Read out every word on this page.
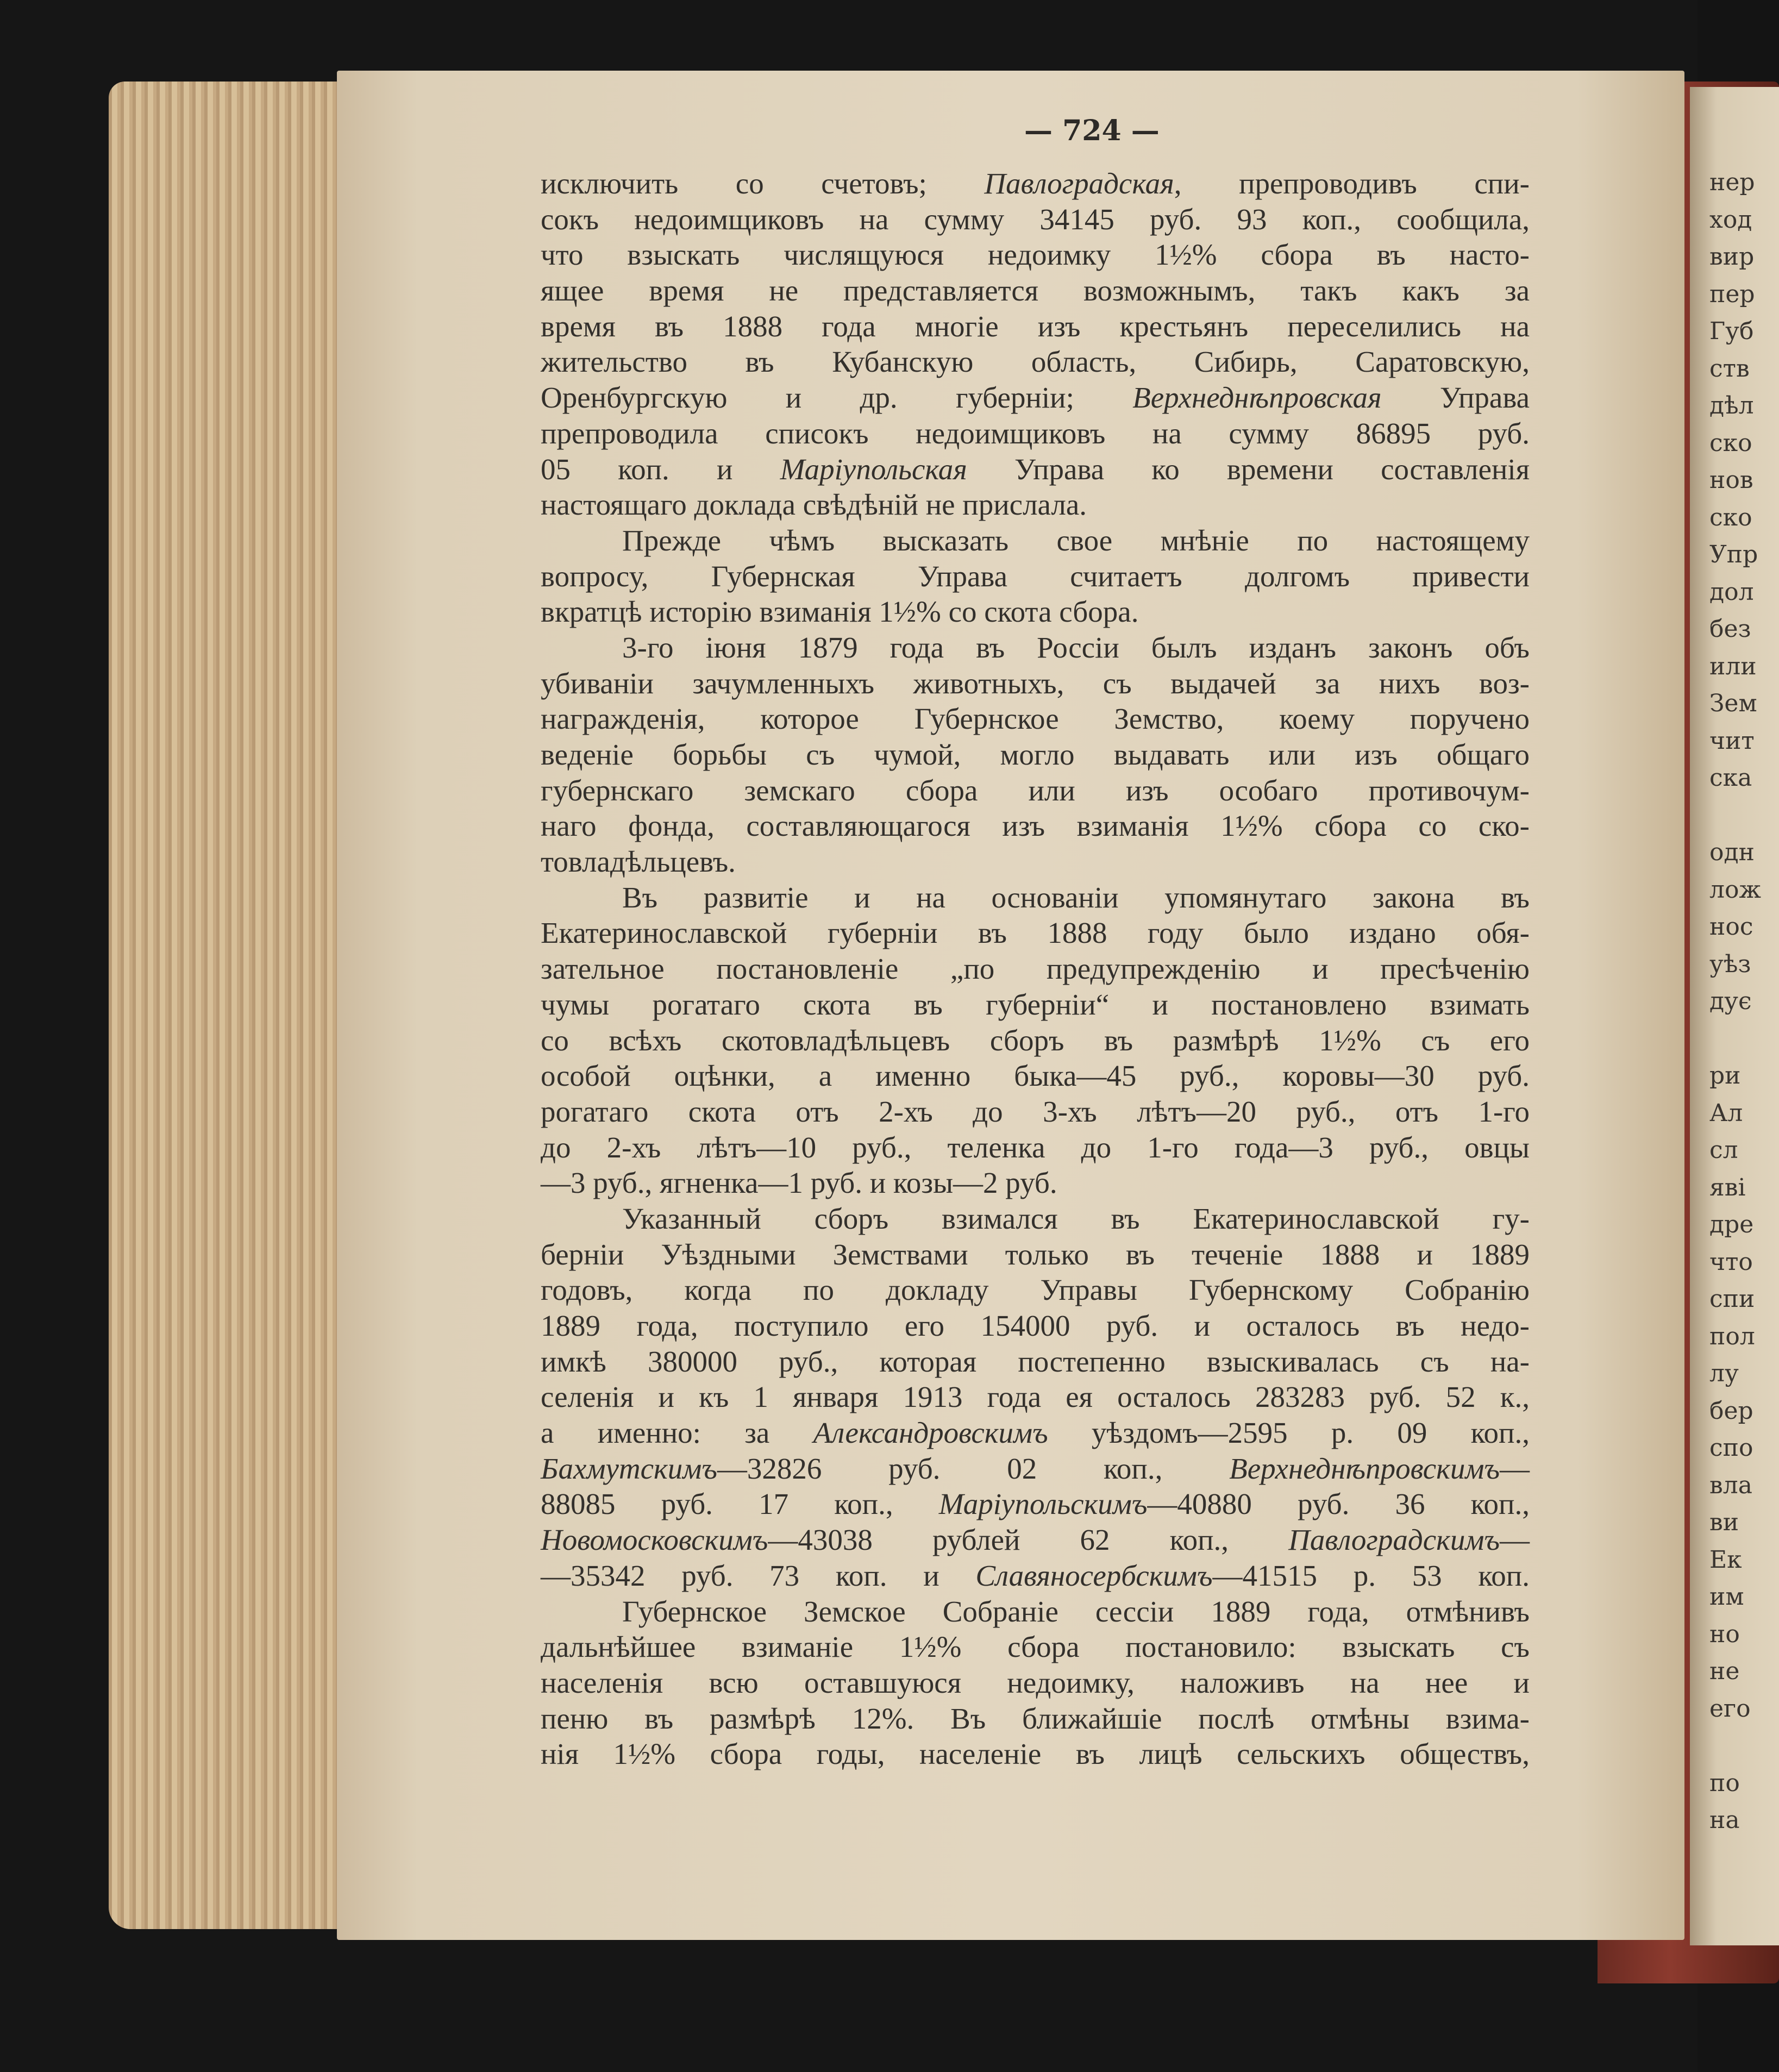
нер
ход
вир
пер
Губ
ств
дѣл
ско
нов
ско
Упр
дол
без
или
Зем
чит
ска
одн
лож
нос
уѣз
дує
ри
Ал
сл
яві
дре
что
спи
пол
лу
бер
спо
вла
ви
Ек
им
но
не
его
по
на
— 724 —
исключить со счетовъ; Павлоградская, препроводивъ спи-
сокъ недоимщиковъ на сумму 34145 руб. 93 коп., сообщила,
что взыскать числящуюся недоимку 1½% сбора въ насто-
ящее время не представляется возможнымъ, такъ какъ за
время въ 1888 года многіе изъ крестьянъ переселились на
жительство въ Кубанскую область, Сибирь, Саратовскую,
Оренбургскую и др. губерніи; Верхнеднѣпровская Управа
препроводила списокъ недоимщиковъ на сумму 86895 руб.
05 коп. и Маріупольская Управа ко времени составленія
настоящаго доклада свѣдѣній не прислала.
Прежде чѣмъ высказать свое мнѣніе по настоящему
вопросу, Губернская Управа считаетъ долгомъ привести
вкратцѣ исторію взиманія 1½% со скота сбора.
3-го іюня 1879 года въ Россіи былъ изданъ законъ объ
убиваніи зачумленныхъ животныхъ, съ выдачей за нихъ воз-
награжденія, которое Губернское Земство, коему поручено
веденіе борьбы съ чумой, могло выдавать или изъ общаго
губернскаго земскаго сбора или изъ особаго противочум-
наго фонда, составляющагося изъ взиманія 1½% сбора со ско-
товладѣльцевъ.
Въ развитіе и на основаніи упомянутаго закона въ
Екатеринославской губерніи въ 1888 году было издано обя-
зательное постановленіе „по предупрежденію и пресѣченію
чумы рогатаго скота въ губерніи“ и постановлено взимать
со всѣхъ скотовладѣльцевъ сборъ въ размѣрѣ 1½% съ его
особой оцѣнки, а именно быка—45 руб., коровы—30 руб.
рогатаго скота отъ 2-хъ до 3-хъ лѣтъ—20 руб., отъ 1-го
до 2-хъ лѣтъ—10 руб., теленка до 1-го года—3 руб., овцы
—3 руб., ягненка—1 руб. и козы—2 руб.
Указанный сборъ взимался въ Екатеринославской гу-
берніи Уѣздными Земствами только въ теченіе 1888 и 1889
годовъ, когда по докладу Управы Губернскому Собранію
1889 года, поступило его 154000 руб. и осталось въ недо-
имкѣ 380000 руб., которая постепенно взыскивалась съ на-
селенія и къ 1 января 1913 года ея осталось 283283 руб. 52 к.,
а именно: за Александровскимъ уѣздомъ—2595 р. 09 коп.,
Бахмутскимъ—32826 руб. 02 коп., Верхнеднѣпровскимъ—
88085 руб. 17 коп., Маріупольскимъ—40880 руб. 36 коп.,
Новомосковскимъ—43038 рублей 62 коп., Павлоградскимъ—
—35342 руб. 73 коп. и Славяносербскимъ—41515 р. 53 коп.
Губернское Земское Собраніе сессіи 1889 года, отмѣнивъ
дальнѣйшее взиманіе 1½% сбора постановило: взыскать съ
населенія всю оставшуюся недоимку, наложивъ на нее и
пеню въ размѣрѣ 12%. Въ ближайшіе послѣ отмѣны взима-
нія 1½% сбора годы, населеніе въ лицѣ сельскихъ обществъ,
